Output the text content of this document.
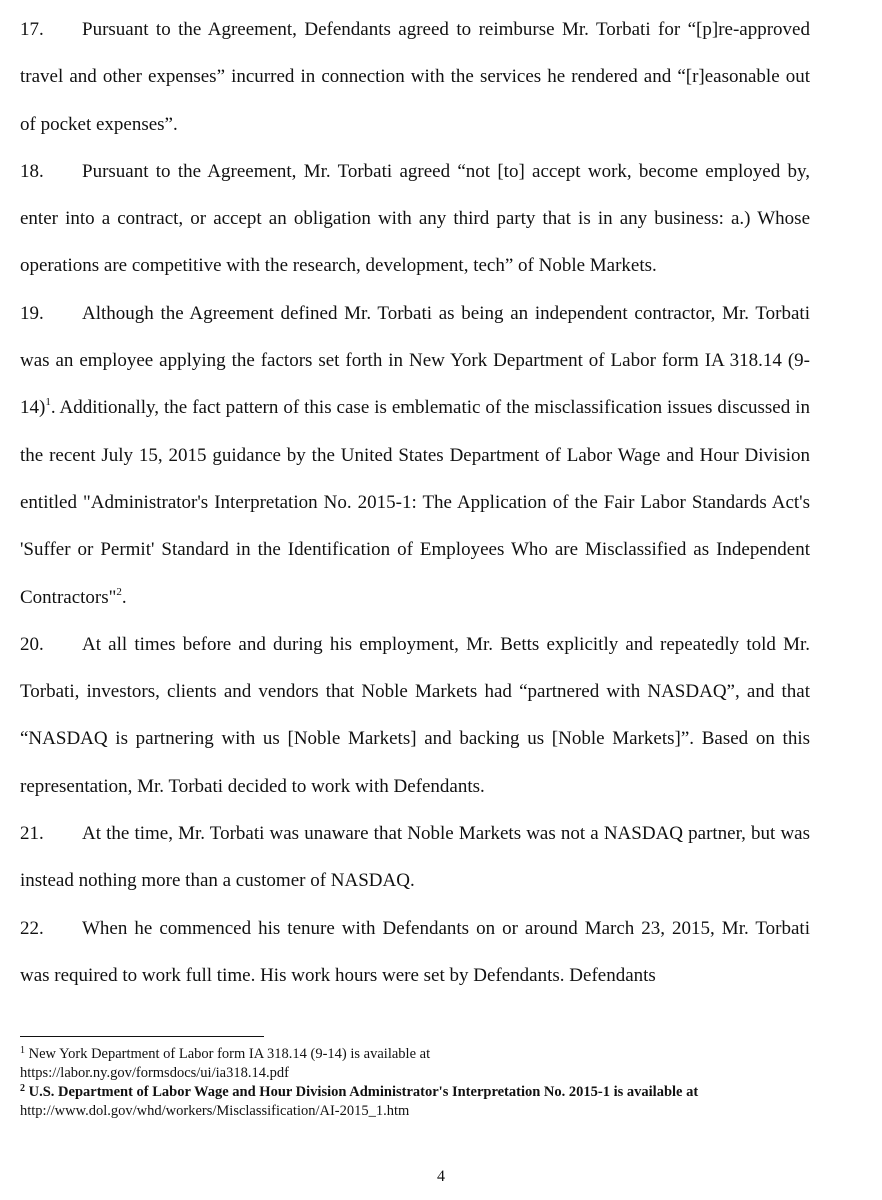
17. Pursuant to the Agreement, Defendants agreed to reimburse Mr. Torbati for “[p]re-approved travel and other expenses” incurred in connection with the services he rendered and “[r]easonable out of pocket expenses”.

18. Pursuant to the Agreement, Mr. Torbati agreed “not [to] accept work, become employed by, enter into a contract, or accept an obligation with any third party that is in any business: a.) Whose operations are competitive with the research, development, tech” of Noble Markets.

19. Although the Agreement defined Mr. Torbati as being an independent contractor, Mr. Torbati was an employee applying the factors set forth in New York Department of Labor form IA 318.14 $(9-14)^1$. Additionally, the fact pattern of this case is emblematic of the misclassification issues discussed in the recent July 15, 2015 guidance by the United States Department of Labor Wage and Hour Division entitled "Administrator's Interpretation No. 2015-1: The Application of the Fair Labor Standards Act's 'Suffer or Permit' Standard in the Identification of Employees Who are Misclassified as Independent Contractors"$^2$.

20. At all times before and during his employment, Mr. Betts explicitly and repeatedly told Mr. Torbati, investors, clients and vendors that Noble Markets had “partnered with NASDAQ”, and that “NASDAQ is partnering with us [Noble Markets] and backing us [Noble Markets]”. Based on this representation, Mr. Torbati decided to work with Defendants.

21. At the time, Mr. Torbati was unaware that Noble Markets was not a NASDAQ partner, but was instead nothing more than a customer of NASDAQ.

22. When he commenced his tenure with Defendants on or around March 23, 2015, Mr. Torbati was required to work full time. His work hours were set by Defendants. Defendants

$^1$ New York Department of Labor form IA 318.14 (9-14) is available at

https://labor.ny.gov/formsdocs/ui/ia318.14.pdf

$^2$ U.S. Department of Labor Wage and Hour Division Administrator's Interpretation No. 2015-1 is available at

http://www.dol.gov/whd/workers/Misclassification/AI-2015_1.htm

4
